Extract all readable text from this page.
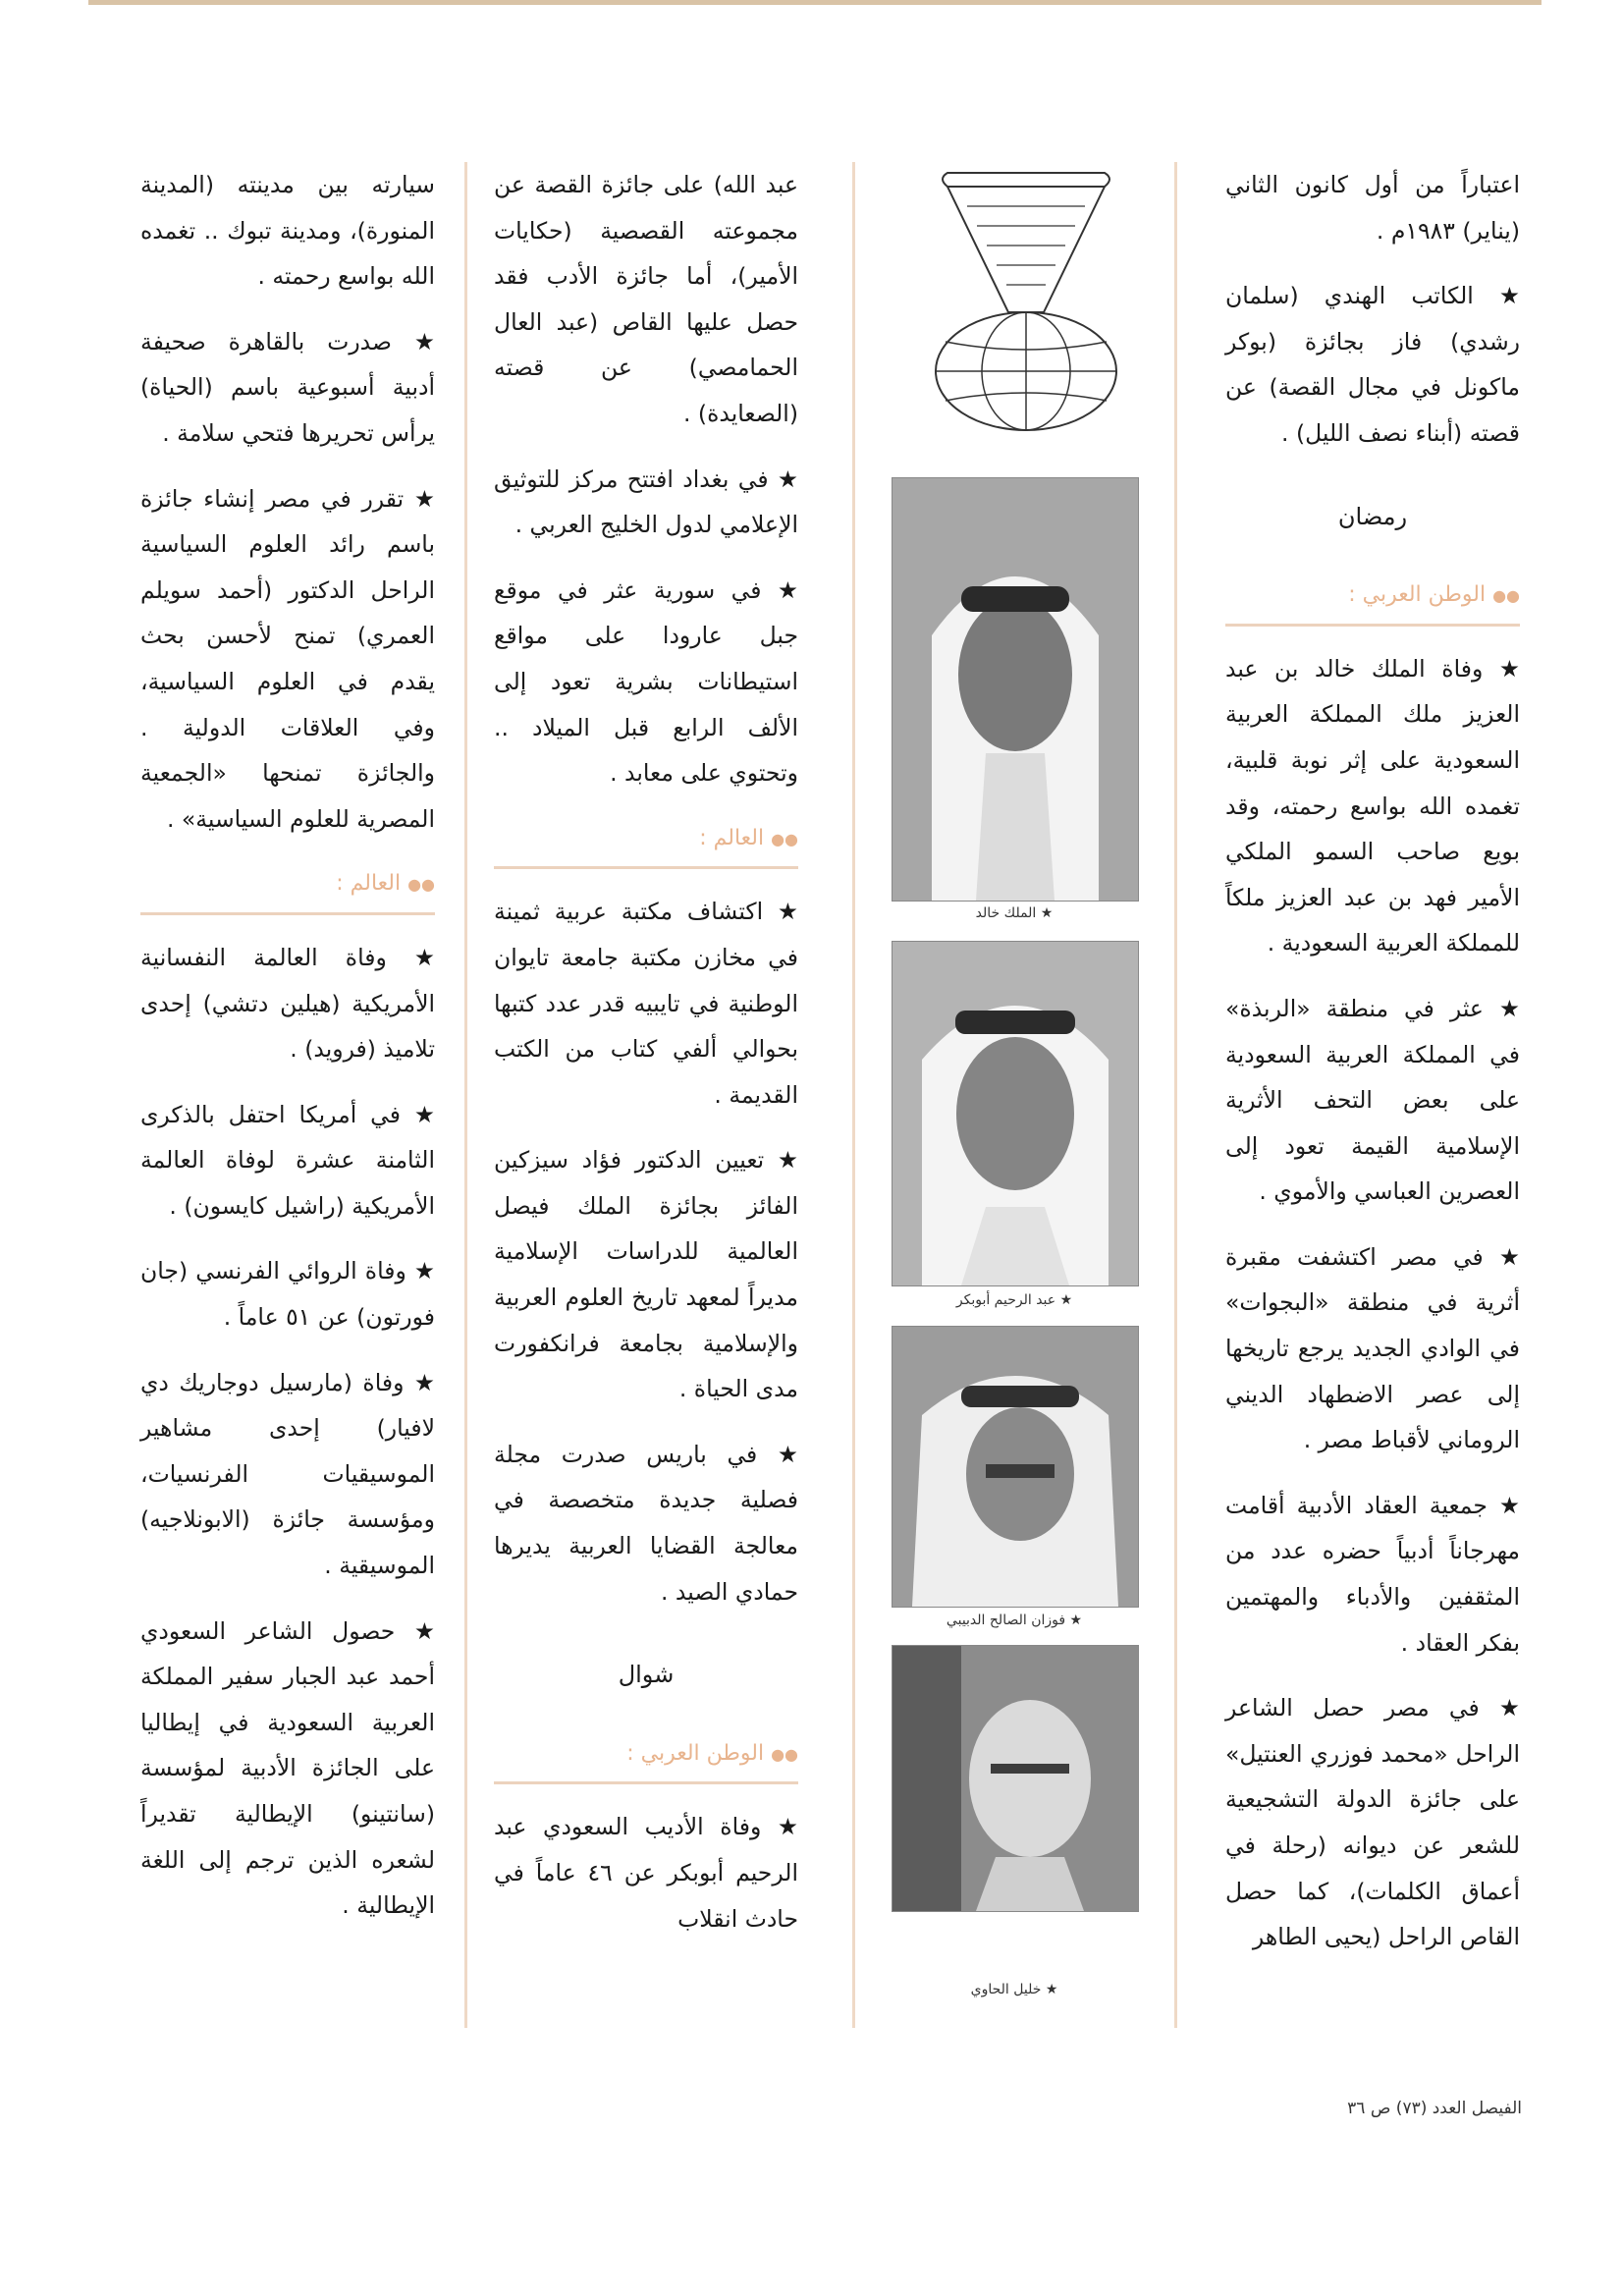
اعتباراً من أول كانون الثاني (يناير) ١٩٨٣م .

★ الكاتب الهندي (سلمان رشدي) فاز بجائزة (بوكر ماكونل في مجال القصة) عن قصته (أبناء نصف الليل) .

رمضان
●● الوطن العربي :

★ وفاة الملك خالد بن عبد العزيز ملك المملكة العربية السعودية على إثر نوبة قلبية، تغمده الله بواسع رحمته، وقد بويع صاحب السمو الملكي الأمير فهد بن عبد العزيز ملكاً للمملكة العربية السعودية .

★ عثر في منطقة «الربذة» في المملكة العربية السعودية على بعض التحف الأثرية الإسلامية القيمة تعود إلى العصرين العباسي والأموي .

★ في مصر اكتشفت مقبرة أثرية في منطقة «البجوات» في الوادي الجديد يرجع تاريخها إلى عصر الاضطهاد الديني الروماني لأقباط مصر .

★ جمعية العقاد الأدبية أقامت مهرجاناً أدبياً حضره عدد من المثقفين والأدباء والمهتمين بفكر العقاد .

★ في مصر حصل الشاعر الراحل «محمد فوزري العنتيل» على جائزة الدولة التشجيعية للشعر عن ديوانه (رحلة في أعماق الكلمات)، كما حصل القاص الراحل (يحيى الطاهر

★ الملك خالد
★ عبد الرحيم أبوبكر
★ فوزان الصالح الدبيبي
★ خليل الحاوي

عبد الله) على جائزة القصة عن مجموعته القصصية (حكايات الأمير)، أما جائزة الأدب فقد حصل عليها القاص (عبد العال الحمامصي) عن قصته (الصعايدة) .

★ في بغداد افتتح مركز للتوثيق الإعلامي لدول الخليج العربي .

★ في سورية عثر في موقع جبل عارودا على مواقع استيطانات بشرية تعود إلى الألف الرابع قبل الميلاد .. وتحتوي على معابد .

●● العالم :

★ اكتشاف مكتبة عربية ثمينة في مخازن مكتبة جامعة تايوان الوطنية في تايبيه قدر عدد كتبها بحوالي ألفي كتاب من الكتب القديمة .

★ تعيين الدكتور فؤاد سيزكين الفائز بجائزة الملك فيصل العالمية للدراسات الإسلامية مديراً لمعهد تاريخ العلوم العربية والإسلامية بجامعة فرانكفورت مدى الحياة .

★ في باريس صدرت مجلة فصلية جديدة متخصصة في معالجة القضايا العربية يديرها حمادي الصيد .

شوال
●● الوطن العربي :

★ وفاة الأديب السعودي عبد الرحيم أبوبكر عن ٤٦ عاماً في حادث انقلاب

سيارته بين مدينته (المدينة المنورة)، ومدينة تبوك .. تغمده الله بواسع رحمته .

★ صدرت بالقاهرة صحيفة أدبية أسبوعية باسم (الحياة) يرأس تحريرها فتحي سلامة .

★ تقرر في مصر إنشاء جائزة باسم رائد العلوم السياسية الراحل الدكتور (أحمد سويلم العمري) تمنح لأحسن بحث يقدم في العلوم السياسية، وفي العلاقات الدولية . والجائزة تمنحها «الجمعية المصرية للعلوم السياسية» .

●● العالم :

★ وفاة العالمة النفسانية الأمريكية (هيلين دتشي) إحدى تلاميذ (فرويد) .

★ في أمريكا احتفل بالذكرى الثامنة عشرة لوفاة العالمة الأمريكية (راشيل كايسون) .

★ وفاة الروائي الفرنسي (جان فورتون) عن ٥١ عاماً .

★ وفاة (مارسيل دوجاريك دي لافيار) إحدى مشاهير الموسيقيات الفرنسيات، ومؤسسة جائزة (الابونلاجيه) الموسيقية .

★ حصول الشاعر السعودي أحمد عبد الجبار سفير المملكة العربية السعودية في إيطاليا على الجائزة الأدبية لمؤسسة (سانتينو) الإيطالية تقديراً لشعره الذين ترجم إلى اللغة الإيطالية .

الفيصل العدد (٧٣) ص ٣٦
